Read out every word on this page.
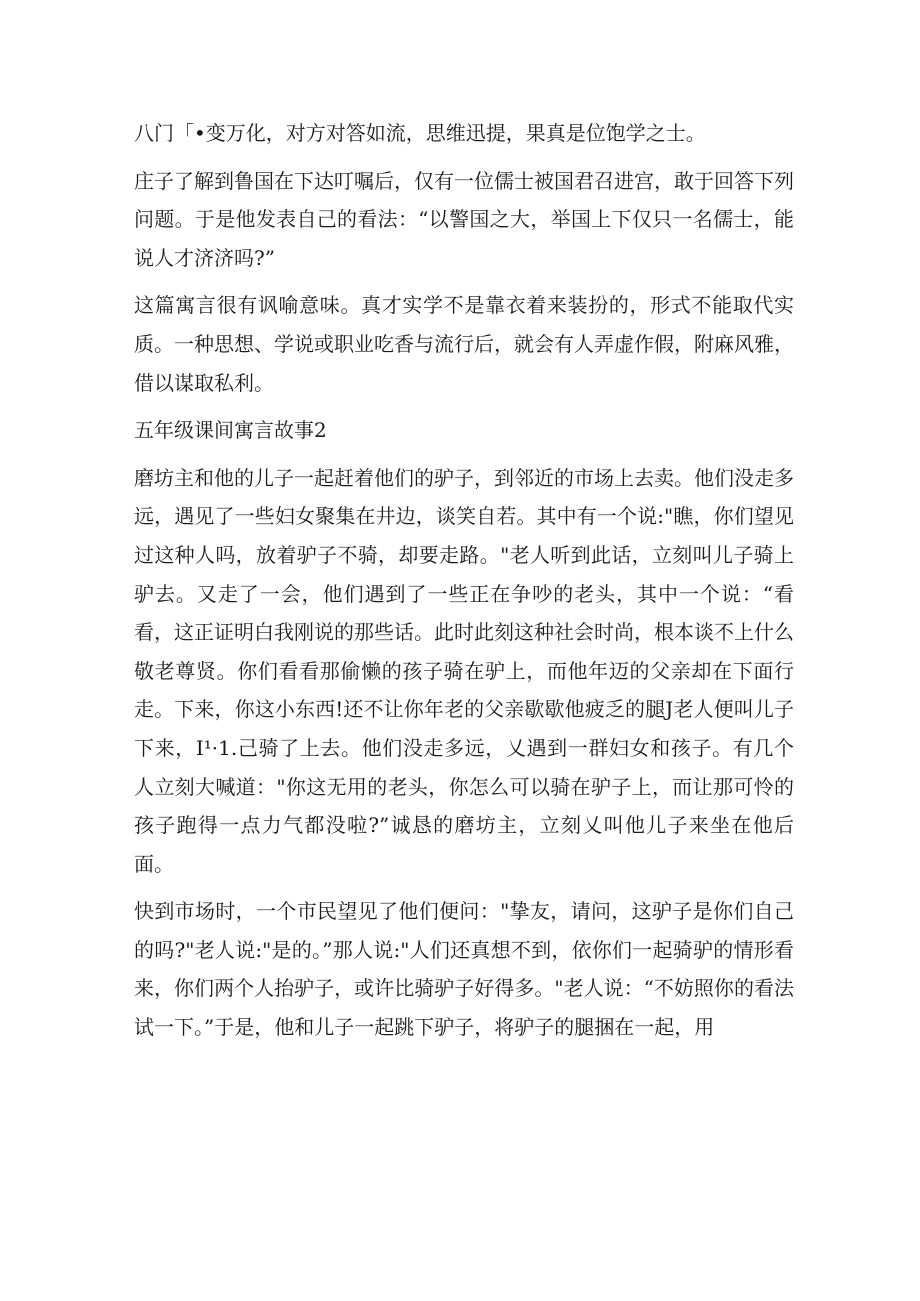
八门「•变万化，对方对答如流，思维迅提，果真是位饱学之士。

庄子了解到鲁国在下达叮嘱后，仅有一位儒士被国君召进宫，敢于回答下列问题。于是他发表自己的看法：“以警国之大，举国上下仅只一名儒士，能说人才济济吗?”

这篇寓言很有讽喻意味。真才实学不是靠衣着来装扮的，形式不能取代实质。一种思想、学说或职业吃香与流行后，就会有人弄虚作假，附麻风雅，借以谋取私利。

五年级课间寓言故事2

磨坊主和他的儿子一起赶着他们的驴子，到邻近的市场上去卖。他们没走多远，遇见了一些妇女聚集在井边，谈笑自若。其中有一个说:"瞧，你们望见过这种人吗，放着驴子不骑，却要走路。"老人听到此话，立刻叫儿子骑上驴去。又走了一会，他们遇到了一些正在争吵的老头，其中一个说：“看看，这正证明白我刚说的那些话。此时此刻这种社会时尚，根本谈不上什么敬老尊贤。你们看看那偷懒的孩子骑在驴上，而他年迈的父亲却在下面行走。下来，你这小东西!还不让你年老的父亲歇歇他疲乏的腿J老人便叫儿子下来，I¹·1.己骑了上去。他们没走多远，乂遇到一群妇女和孩子。有几个人立刻大喊道："你这无用的老头，你怎么可以骑在驴子上，而让那可怜的孩子跑得一点力气都没啦?”诚恳的磨坊主，立刻乂叫他儿子来坐在他后面。

快到市场时，一个市民望见了他们便问："挚友，请问，这驴子是你们自己的吗?"老人说:"是的。”那人说:"人们还真想不到，依你们一起骑驴的情形看来，你们两个人抬驴子，或许比骑驴子好得多。"老人说：“不妨照你的看法试一下。”于是，他和儿子一起跳下驴子，将驴子的腿捆在一起，用
